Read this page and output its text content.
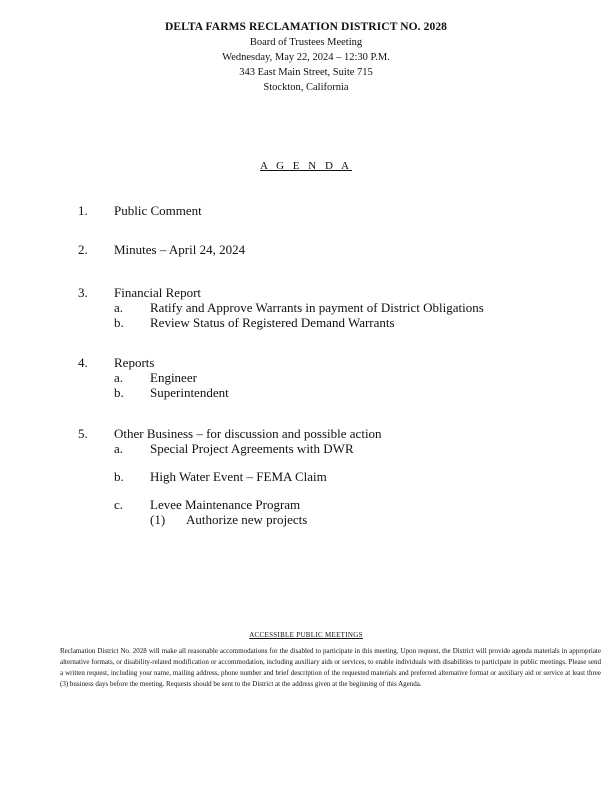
DELTA FARMS RECLAMATION DISTRICT NO. 2028
Board of Trustees Meeting
Wednesday, May 22, 2024 – 12:30 P.M.
343 East Main Street, Suite 715
Stockton, California
A G E N D A
1. Public Comment
2. Minutes – April 24, 2024
3. Financial Report
a. Ratify and Approve Warrants in payment of District Obligations
b. Review Status of Registered Demand Warrants
4. Reports
a. Engineer
b. Superintendent
5. Other Business – for discussion and possible action
a. Special Project Agreements with DWR
b. High Water Event – FEMA Claim
c. Levee Maintenance Program
(1) Authorize new projects
ACCESSIBLE PUBLIC MEETINGS
Reclamation District No. 2028 will make all reasonable accommodations for the disabled to participate in this meeting. Upon request, the District will provide agenda materials in appropriate alternative formats, or disability-related modification or accommodation, including auxiliary aids or services, to enable individuals with disabilities to participate in public meetings. Please send a written request, including your name, mailing address, phone number and brief description of the requested materials and preferred alternative format or auxiliary aid or service at least three (3) business days before the meeting. Requests should be sent to the District at the address given at the beginning of this Agenda.
